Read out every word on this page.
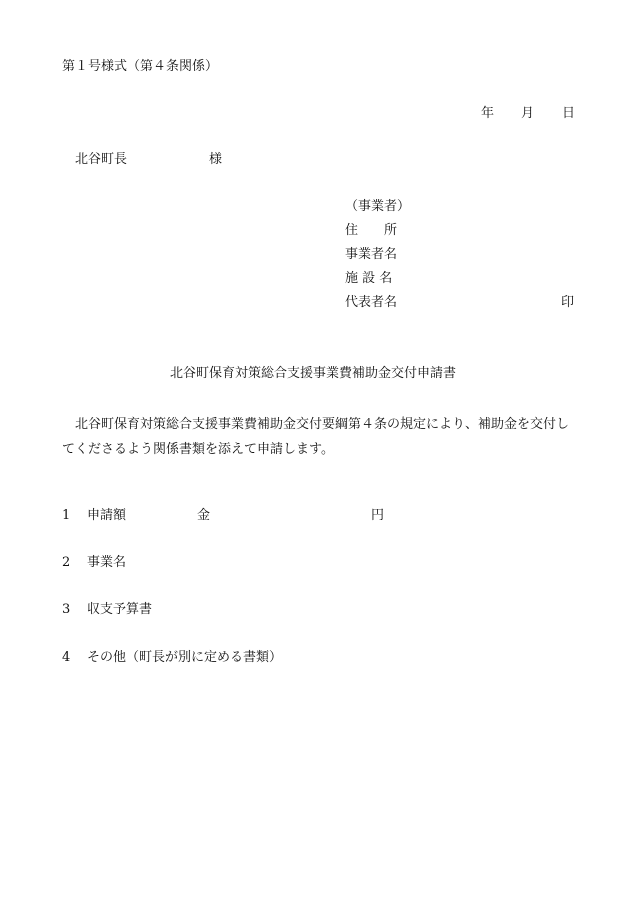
第１号様式（第４条関係）

年 月 日
北谷町長	様
（事業者）
住　　所
事業者名
施 設 名
代表者名	印
北谷町保育対策総合支援事業費補助金交付申請書

北谷町保育対策総合支援事業費補助金交付要綱第４条の規定により、補助金を交付してくださるよう関係書類を添えて申請します。

1 申請額	金	円
2 事業名
3 収支予算書
4 その他（町長が別に定める書類）
